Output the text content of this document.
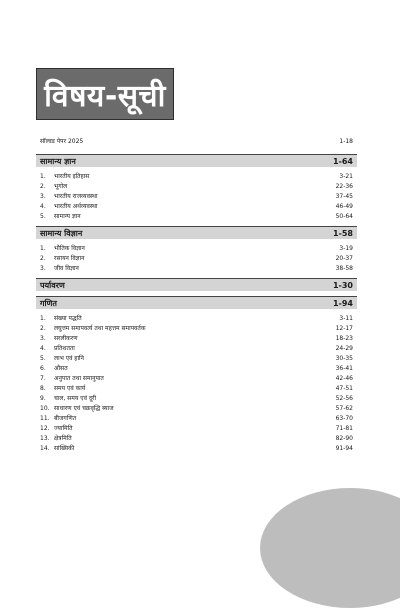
विषय-सूची
सॉल्वड पेपर 2025	1-18
सामान्य ज्ञान	1-64
1.	भारतीय इतिहास	3-21
2.	भूगोल	22-36
3.	भारतीय राजव्यवस्था	37-45
4.	भारतीय अर्थव्यवस्था	46-49
5.	सामान्य ज्ञान	50-64
सामान्य विज्ञान	1-58
1.	भौतिक विज्ञान	3-19
2.	रसायन विज्ञान	20-37
3.	जीव विज्ञान	38-58
पर्यावरण	1-30
गणित	1-94
1.	संख्या पद्धति	3-11
2.	लघुत्तम समापवर्त्य तथा महत्तम समापवर्तक	12-17
3.	सरलीकरण	18-23
4.	प्रतिशतता	24-29
5.	लाभ एवं हानि	30-35
6.	औसत	36-41
7.	अनुपात तथा समानुपात	42-46
8.	समय एवं कार्य	47-51
9.	चाल, समय एवं दूरी	52-56
10. साधारण एवं चक्रवृद्धि ब्याज	57-62
11. बीजगणित	63-70
12. ज्यामिति	71-81
13. क्षेत्रमिति	82-90
14. सांख्यिकी	91-94
